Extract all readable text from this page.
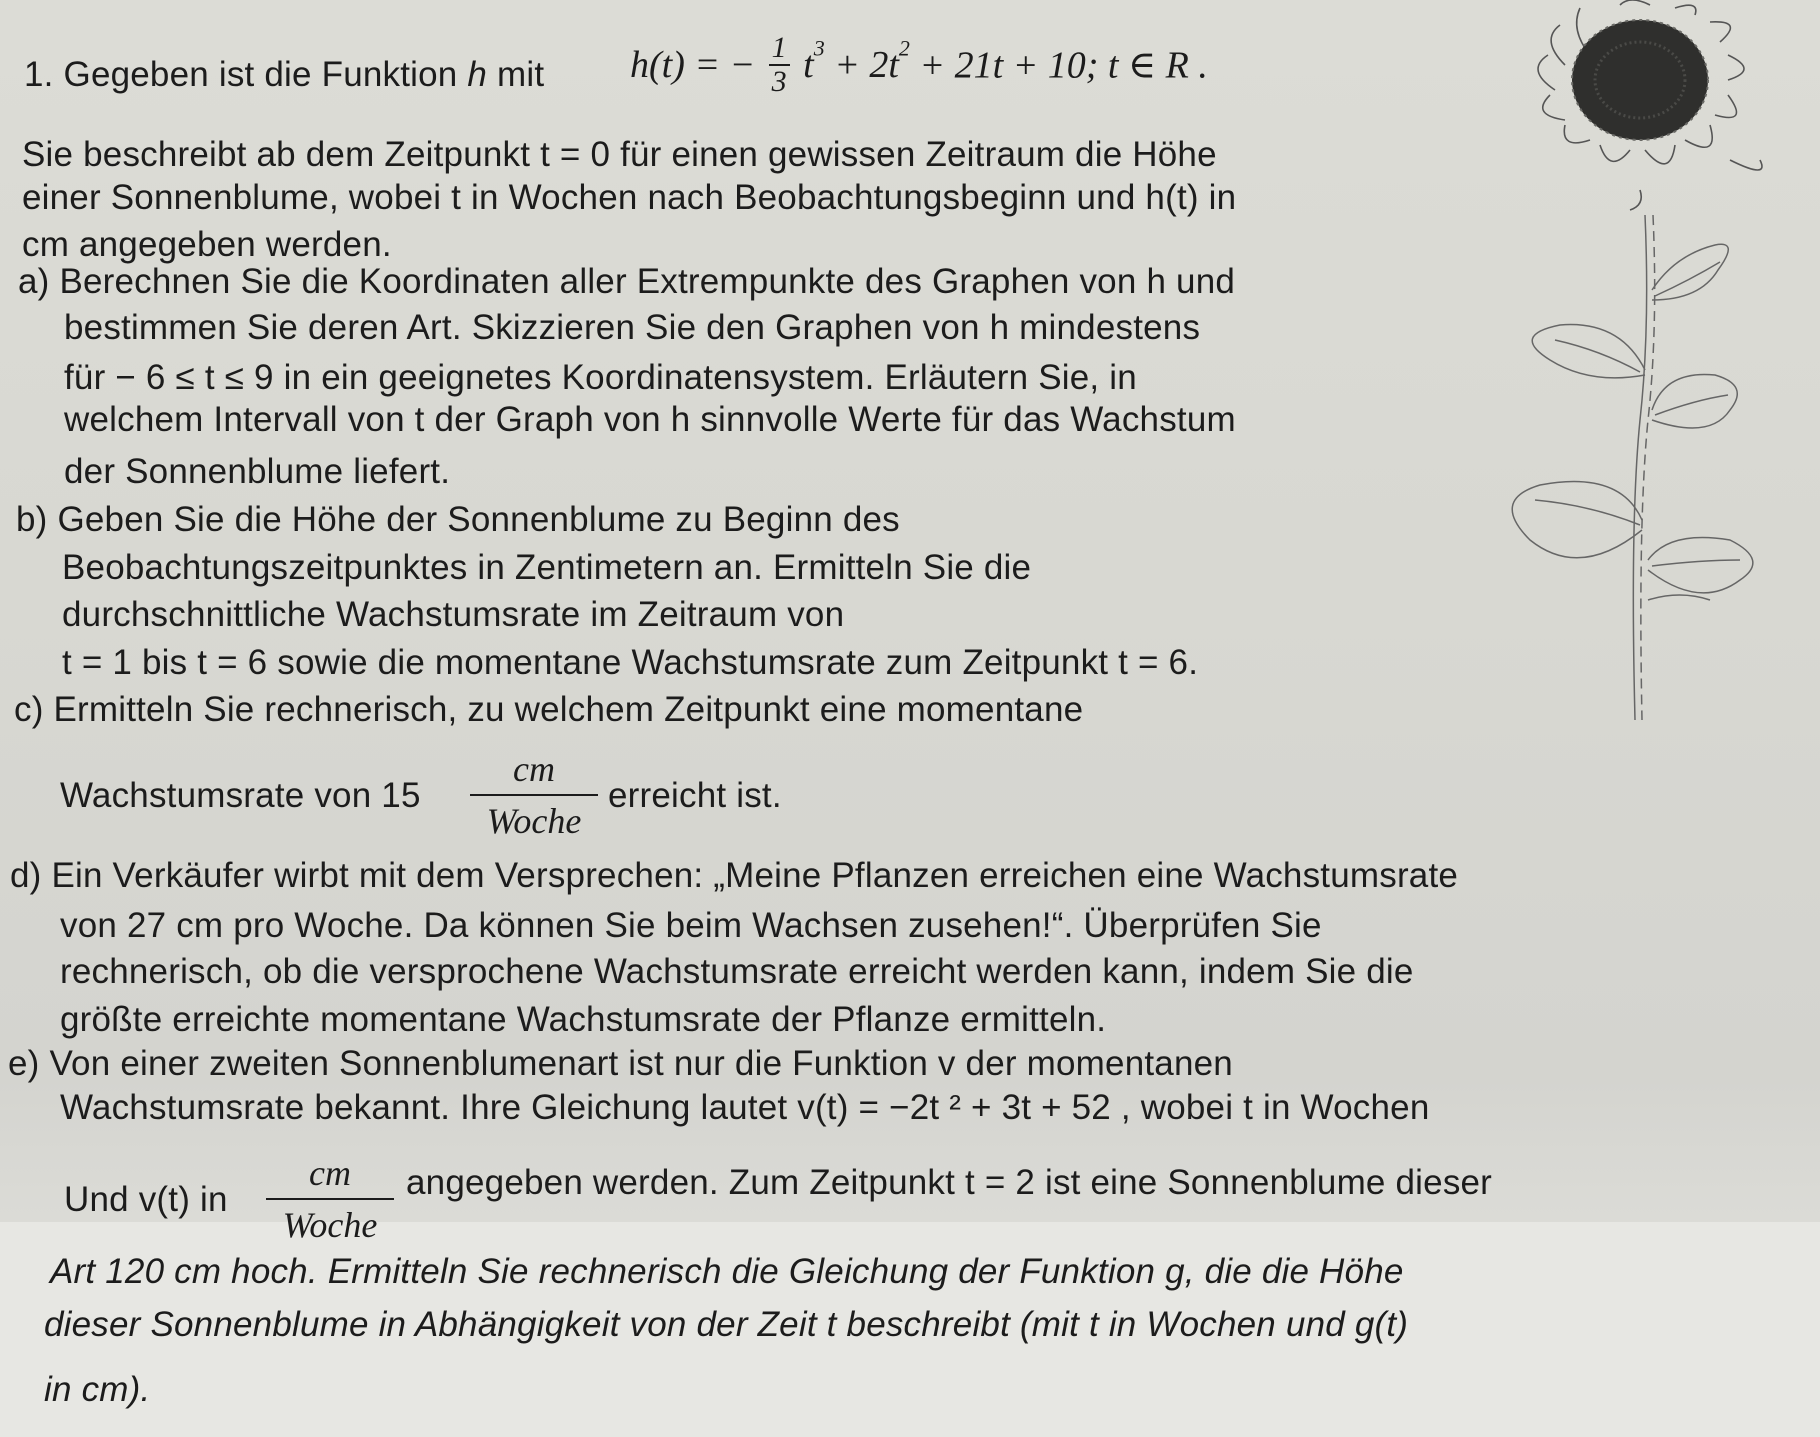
1. Gegeben ist die Funktion h mit h(t) = − $\frac{1}{3} t^3 + 2t^2 + 21t + 10$; t ∈ R .
Sie beschreibt ab dem Zeitpunkt t = 0 für einen gewissen Zeitraum die Höhe
einer Sonnenblume, wobei t in Wochen nach Beobachtungsbeginn und h(t) in
cm angegeben werden.
a) Berechnen Sie die Koordinaten aller Extrempunkte des Graphen von h und
bestimmen Sie deren Art. Skizzieren Sie den Graphen von h mindestens
für − 6 ≤ t ≤ 9 in ein geeignetes Koordinatensystem. Erläutern Sie, in
welchem Intervall von t der Graph von h sinnvolle Werte für das Wachstum
der Sonnenblume liefert.
b) Geben Sie die Höhe der Sonnenblume zu Beginn des
Beobachtungszeitpunktes in Zentimetern an. Ermitteln Sie die
durchschnittliche Wachstumsrate im Zeitraum von
t = 1 bis t = 6 sowie die momentane Wachstumsrate zum Zeitpunkt t = 6.
c) Ermitteln Sie rechnerisch, zu welchem Zeitpunkt eine momentane
Wachstumsrate von 15
cm
Woche
erreicht ist.
d) Ein Verkäufer wirbt mit dem Versprechen: „Meine Pflanzen erreichen eine Wachstumsrate
von 27 cm pro Woche. Da können Sie beim Wachsen zusehen!“. Überprüfen Sie
rechnerisch, ob die versprochene Wachstumsrate erreicht werden kann, indem Sie die
größte erreichte momentane Wachstumsrate der Pflanze ermitteln.
e) Von einer zweiten Sonnenblumenart ist nur die Funktion v der momentanen
Wachstumsrate bekannt. Ihre Gleichung lautet v(t) = −2t ² + 3t + 52 , wobei t in Wochen
Und v(t) in
cm
Woche
angegeben werden. Zum Zeitpunkt t = 2 ist eine Sonnenblume dieser
Art 120 cm hoch. Ermitteln Sie rechnerisch die Gleichung der Funktion g, die die Höhe
dieser Sonnenblume in Abhängigkeit von der Zeit t beschreibt (mit t in Wochen und g(t)
in cm).
